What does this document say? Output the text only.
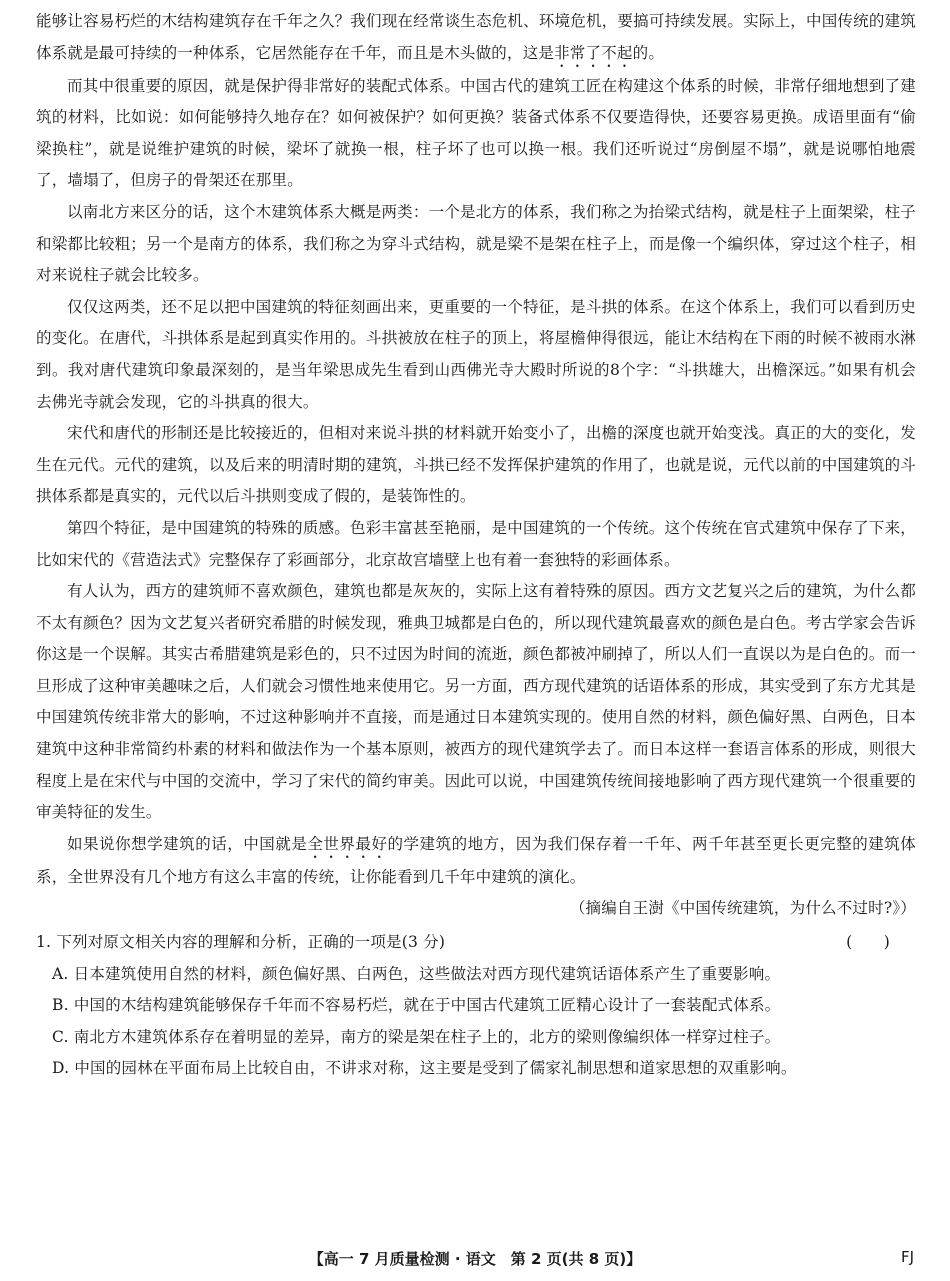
能够让容易朽烂的木结构建筑存在千年之久？我们现在经常谈生态危机、环境危机，要搞可持续发展。实际上，中国传统的建筑体系就是最可持续的一种体系，它居然能存在千年，而且是木头做的，这是非常了不起的。

而其中很重要的原因，就是保护得非常好的装配式体系。中国古代的建筑工匠在构建这个体系的时候，非常仔细地想到了建筑的材料，比如说：如何能够持久地存在？如何被保护？如何更换？装备式体系不仅要造得快，还要容易更换。成语里面有“偷梁换柱”，就是说维护建筑的时候，梁坏了就换一根，柱子坏了也可以换一根。我们还听说过“房倒屋不塌”，就是说哪怕地震了，墙塌了，但房子的骨架还在那里。

以南北方来区分的话，这个木建筑体系大概是两类：一个是北方的体系，我们称之为抬梁式结构，就是柱子上面架梁，柱子和梁都比较粗；另一个是南方的体系，我们称之为穿斗式结构，就是梁不是架在柱子上，而是像一个编织体，穿过这个柱子，相对来说柱子就会比较多。

仅仅这两类，还不足以把中国建筑的特征刻画出来，更重要的一个特征，是斗拱的体系。在这个体系上，我们可以看到历史的变化。在唐代，斗拱体系是起到真实作用的。斗拱被放在柱子的顶上，将屋檐伸得很远，能让木结构在下雨的时候不被雨水淋到。我对唐代建筑印象最深刻的，是当年梁思成先生看到山西佛光寺大殿时所说的8个字：“斗拱雄大，出檐深远。”如果有机会去佛光寺就会发现，它的斗拱真的很大。

宋代和唐代的形制还是比较接近的，但相对来说斗拱的材料就开始变小了，出檐的深度也就开始变浅。真正的大的变化，发生在元代。元代的建筑，以及后来的明清时期的建筑，斗拱已经不发挥保护建筑的作用了，也就是说，元代以前的中国建筑的斗拱体系都是真实的，元代以后斗拱则变成了假的，是装饰性的。

第四个特征，是中国建筑的特殊的质感。色彩丰富甚至艳丽，是中国建筑的一个传统。这个传统在官式建筑中保存了下来，比如宋代的《营造法式》完整保存了彩画部分，北京故宫墙壁上也有着一套独特的彩画体系。

有人认为，西方的建筑师不喜欢颜色，建筑也都是灰灰的，实际上这有着特殊的原因。西方文艺复兴之后的建筑，为什么都不太有颜色？因为文艺复兴者研究希腊的时候发现，雅典卫城都是白色的，所以现代建筑最喜欢的颜色是白色。考古学家会告诉你这是一个误解。其实古希腊建筑是彩色的，只不过因为时间的流逝，颜色都被冲刷掉了，所以人们一直误以为是白色的。而一旦形成了这种审美趣味之后，人们就会习惯性地来使用它。另一方面，西方现代建筑的话语体系的形成，其实受到了东方尤其是中国建筑传统非常大的影响，不过这种影响并不直接，而是通过日本建筑实现的。使用自然的材料，颜色偏好黑、白两色，日本建筑中这种非常简约朴素的材料和做法作为一个基本原则，被西方的现代建筑学去了。而日本这样一套语言体系的形成，则很大程度上是在宋代与中国的交流中，学习了宋代的简约审美。因此可以说，中国建筑传统间接地影响了西方现代建筑一个很重要的审美特征的发生。

如果说你想学建筑的话，中国就是全世界最好的学建筑的地方，因为我们保存着一千年、两千年甚至更长更完整的建筑体系，全世界没有几个地方有这么丰富的传统，让你能看到几千年中建筑的演化。

（摘编自王澍《中国传统建筑，为什么不过时?》）

1. 下列对原文相关内容的理解和分析，正确的一项是(3 分)	(　　)
A. 日本建筑使用自然的材料，颜色偏好黑、白两色，这些做法对西方现代建筑话语体系产生了重要影响。
B. 中国的木结构建筑能够保存千年而不容易朽烂，就在于中国古代建筑工匠精心设计了一套装配式体系。
C. 南北方木建筑体系存在着明显的差异，南方的梁是架在柱子上的，北方的梁则像编织体一样穿过柱子。
D. 中国的园林在平面布局上比较自由，不讲求对称，这主要是受到了儒家礼制思想和道家思想的双重影响。
【高一 7 月质量检测 · 语文　第 2 页(共 8 页)】	FJ
